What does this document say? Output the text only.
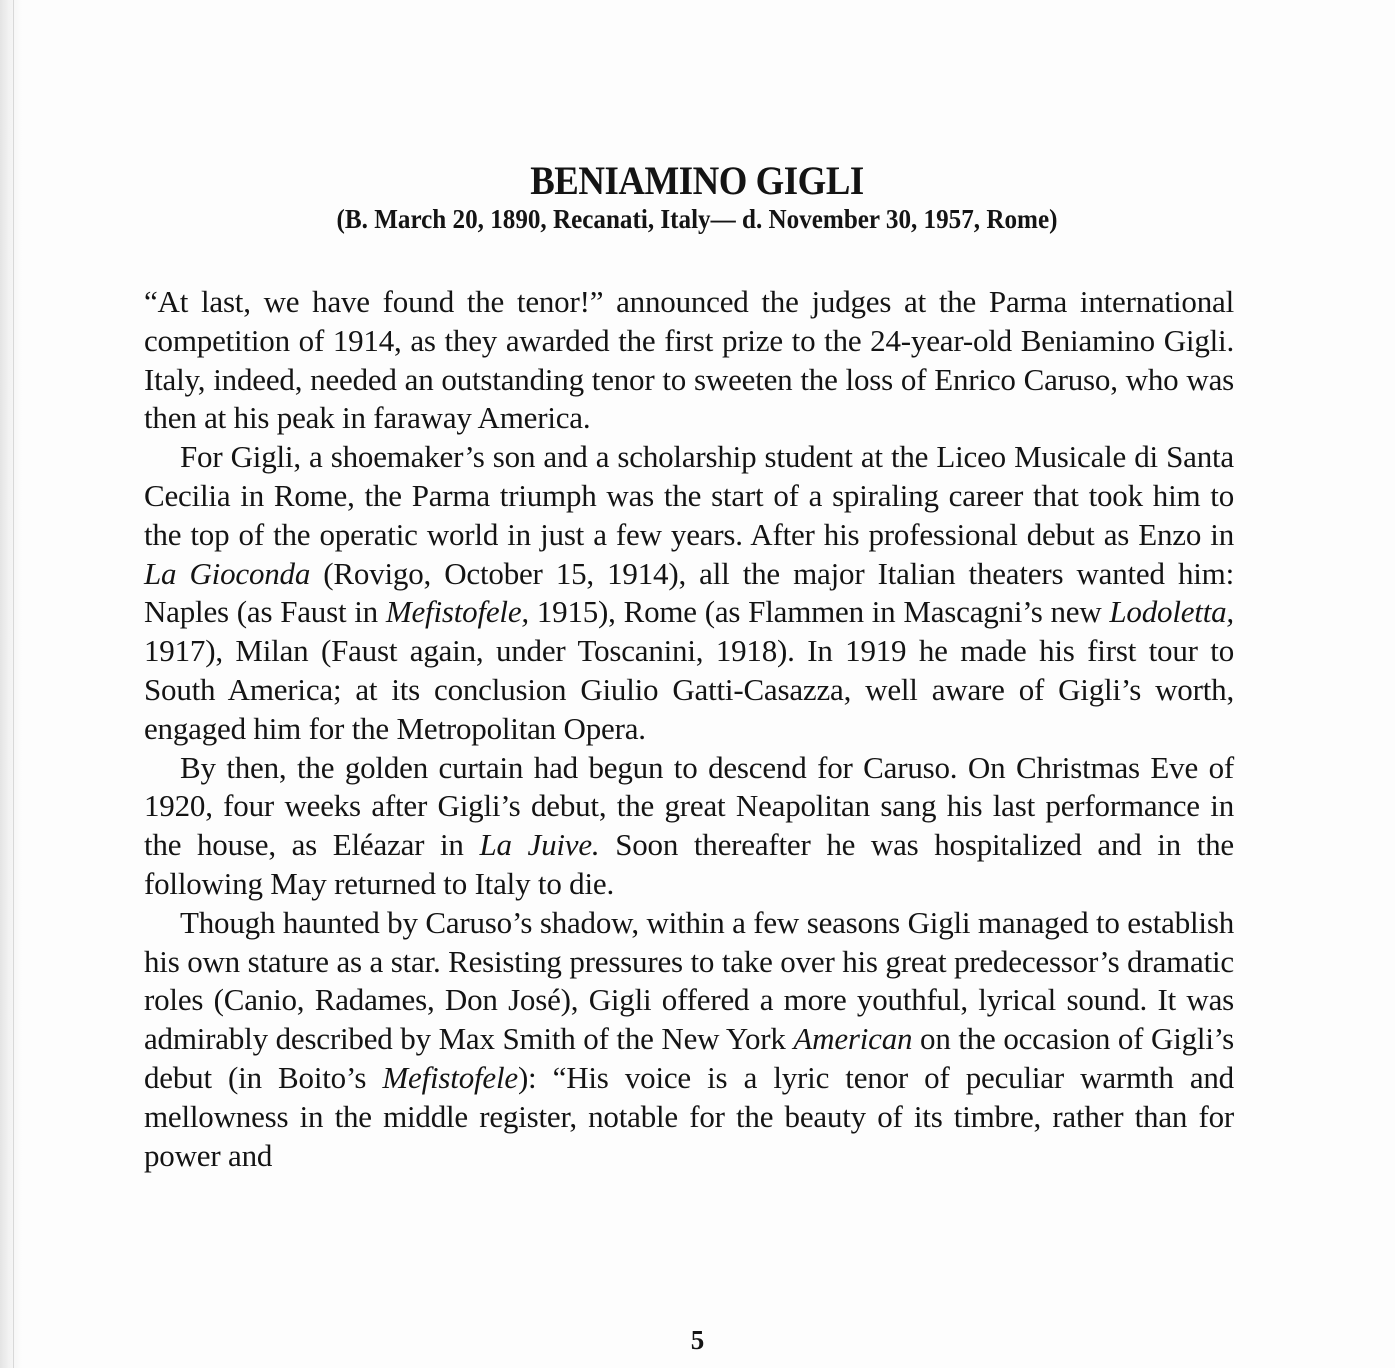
BENIAMINO GIGLI
(B. March 20, 1890, Recanati, Italy— d. November 30, 1957, Rome)

“At last, we have found the tenor!” announced the judges at the Parma international competition of 1914, as they awarded the first prize to the 24-year-old Beniamino Gigli. Italy, indeed, needed an outstanding tenor to sweeten the loss of Enrico Caruso, who was then at his peak in faraway America.

For Gigli, a shoemaker’s son and a scholarship student at the Liceo Musicale di Santa Cecilia in Rome, the Parma triumph was the start of a spiraling career that took him to the top of the operatic world in just a few years. After his professional debut as Enzo in La Gioconda (Rovigo, October 15, 1914), all the major Italian theaters wanted him: Naples (as Faust in Mefistofele, 1915), Rome (as Flammen in Mascagni’s new Lodoletta, 1917), Milan (Faust again, under Toscanini, 1918). In 1919 he made his first tour to South America; at its conclusion Giulio Gatti-Casazza, well aware of Gigli’s worth, engaged him for the Metropolitan Opera.

By then, the golden curtain had begun to descend for Caruso. On Christmas Eve of 1920, four weeks after Gigli’s debut, the great Neapolitan sang his last performance in the house, as Eléazar in La Juive. Soon thereafter he was hospitalized and in the following May returned to Italy to die.

Though haunted by Caruso’s shadow, within a few seasons Gigli managed to establish his own stature as a star. Resisting pressures to take over his great predecessor’s dramatic roles (Canio, Radames, Don José), Gigli offered a more youthful, lyrical sound. It was admirably described by Max Smith of the New York American on the occasion of Gigli’s debut (in Boito’s Mefistofele): “His voice is a lyric tenor of peculiar warmth and mellowness in the middle register, notable for the beauty of its timbre, rather than for power and

5
